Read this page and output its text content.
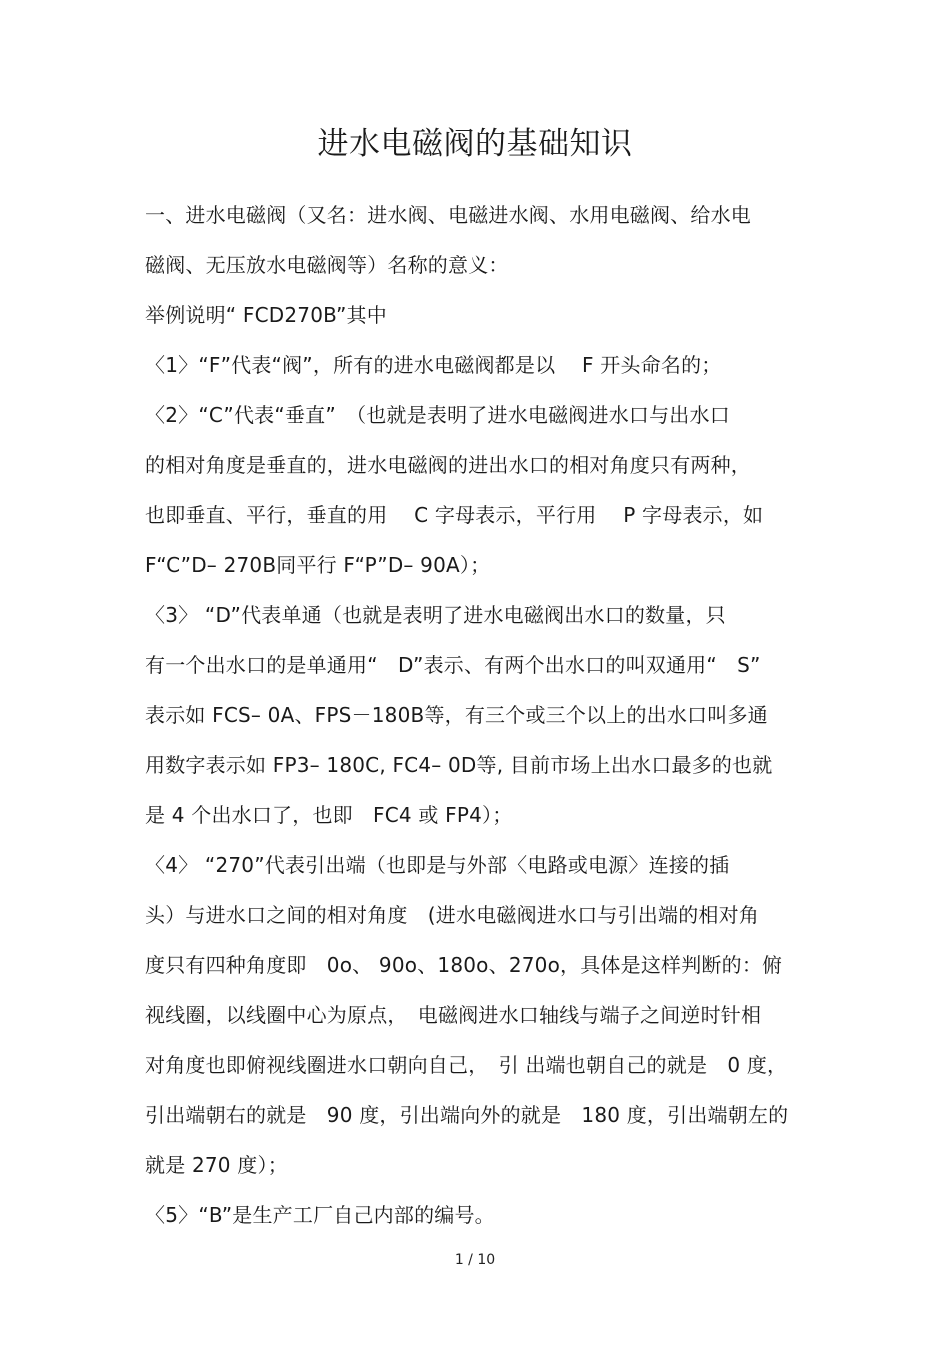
进水电磁阀的基础知识
一、进水电磁阀（又名：进水阀、电磁进水阀、水用电磁阀、给水电
磁阀、无压放水电磁阀等）名称的意义：
举例说明“ FCD270B”其中
〈1〉“F”代表“阀”，所有的进水电磁阀都是以　 F 开头命名的；
〈2〉“C”代表“垂直”　（也就是表明了进水电磁阀进水口与出水口
的相对角度是垂直的，进水电磁阀的进出水口的相对角度只有两种，
也即垂直、平行，垂直的用　 C 字母表示，平行用　 P 字母表示，如
F“C”D– 270B同平行 F“P”D– 90A）；
〈3〉 “D”代表单通（也就是表明了进水电磁阀出水口的数量，只
有一个出水口的是单通用“　D”表示、有两个出水口的叫双通用“　S”
表示如 FCS– 0A、FPS－180B等，有三个或三个以上的出水口叫多通
用数字表示如 FP3– 180C, FC4– 0D等, 目前市场上出水口最多的也就
是 4 个出水口了，也即　FC4 或 FP4）；
〈4〉 “270”代表引出端（也即是与外部〈电路或电源〉连接的插
头）与进水口之间的相对角度　(进水电磁阀进水口与引出端的相对角
度只有四种角度即　0o、 90o、180o、270o，具体是这样判断的：俯
视线圈，以线圈中心为原点，　电磁阀进水口轴线与端子之间逆时针相
对角度也即俯视线圈进水口朝向自己，　引 出端也朝自己的就是　0 度，
引出端朝右的就是　90 度，引出端向外的就是　180 度，引出端朝左的
就是 270 度）；
〈5〉“B”是生产工厂自己内部的编号。
1 / 10
